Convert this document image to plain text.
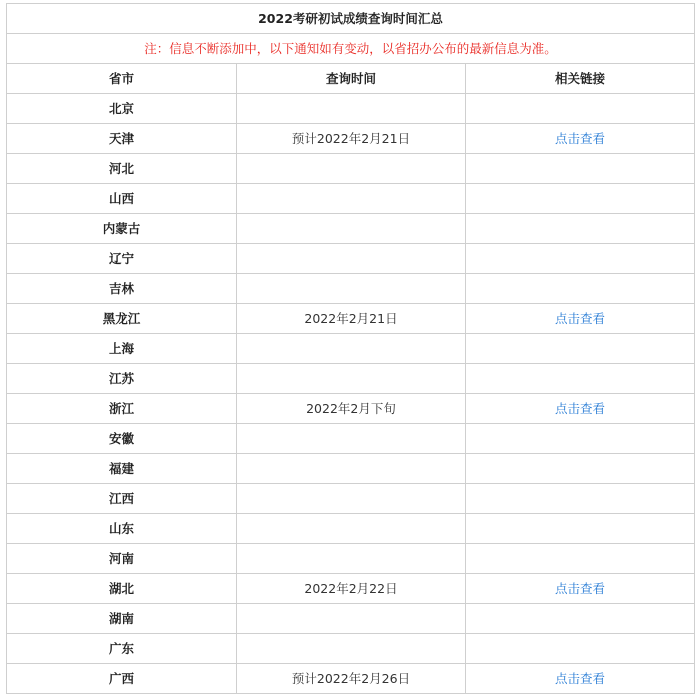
2022考研初试成绩查询时间汇总		
注：信息不断添加中，以下通知如有变动，以省招办公布的最新信息为准。		
省市	查询时间	相关链接
北京		
天津	预计2022年2月21日	点击查看
河北		
山西		
内蒙古		
辽宁		
吉林		
黑龙江	2022年2月21日	点击查看
上海		
江苏		
浙江	2022年2月下旬	点击查看
安徽		
福建		
江西		
山东		
河南		
湖北	2022年2月22日	点击查看
湖南		
广东		
广西	预计2022年2月26日	点击查看
